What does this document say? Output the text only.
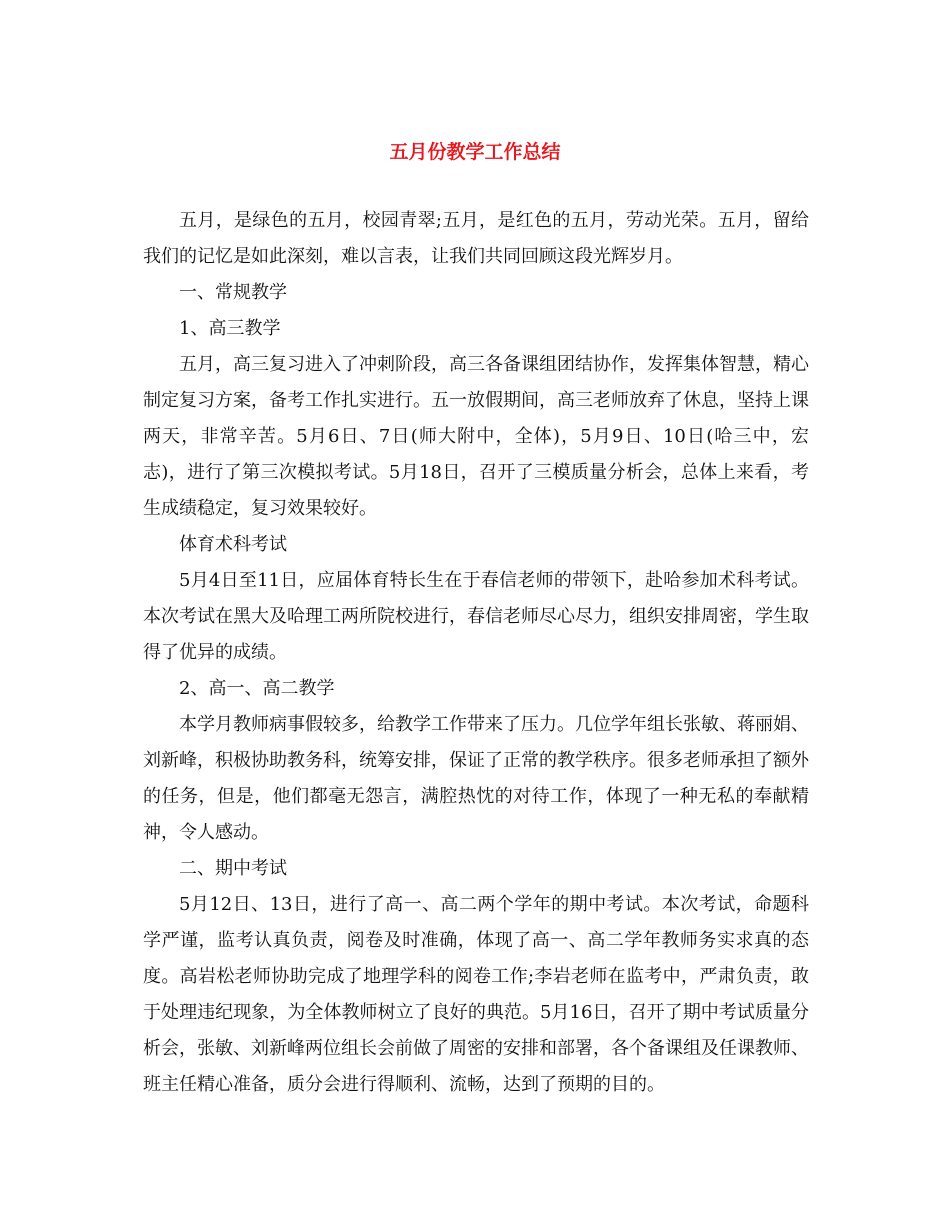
五月份教学工作总结

五月，是绿色的五月，校园青翠;五月，是红色的五月，劳动光荣。五月，留给我们的记忆是如此深刻，难以言表，让我们共同回顾这段光辉岁月。

一、常规教学

1、高三教学

五月，高三复习进入了冲刺阶段，高三各备课组团结协作，发挥集体智慧，精心制定复习方案，备考工作扎实进行。五一放假期间，高三老师放弃了休息，坚持上课两天，非常辛苦。5月6日、7日(师大附中，全体)，5月9日、10日(哈三中，宏志)，进行了第三次模拟考试。5月18日，召开了三模质量分析会，总体上来看，考生成绩稳定，复习效果较好。

体育术科考试

5月4日至11日，应届体育特长生在于春信老师的带领下，赴哈参加术科考试。本次考试在黑大及哈理工两所院校进行，春信老师尽心尽力，组织安排周密，学生取得了优异的成绩。

2、高一、高二教学

本学月教师病事假较多，给教学工作带来了压力。几位学年组长张敏、蒋丽娟、刘新峰，积极协助教务科，统筹安排，保证了正常的教学秩序。很多老师承担了额外的任务，但是，他们都毫无怨言，满腔热忱的对待工作，体现了一种无私的奉献精神，令人感动。

二、期中考试

5月12日、13日，进行了高一、高二两个学年的期中考试。本次考试，命题科学严谨，监考认真负责，阅卷及时准确，体现了高一、高二学年教师务实求真的态度。高岩松老师协助完成了地理学科的阅卷工作;李岩老师在监考中，严肃负责，敢于处理违纪现象，为全体教师树立了良好的典范。5月16日，召开了期中考试质量分析会，张敏、刘新峰两位组长会前做了周密的安排和部署，各个备课组及任课教师、班主任精心准备，质分会进行得顺利、流畅，达到了预期的目的。
